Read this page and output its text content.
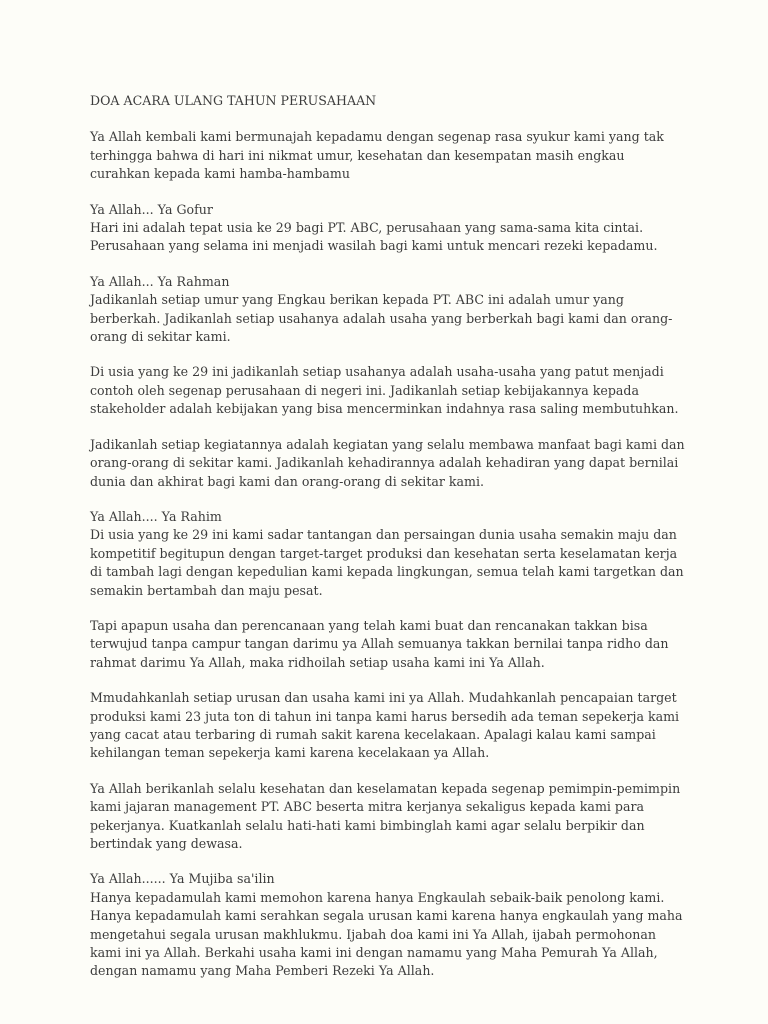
DOA ACARA ULANG TAHUN PERUSAHAAN
Ya Allah kembali kami bermunajah kepadamu dengan segenap rasa syukur kami yang tak terhingga bahwa di hari ini nikmat umur, kesehatan dan kesempatan masih engkau curahkan kepada kami hamba-hambamu
Ya Allah... Ya Gofur
Hari ini adalah tepat usia ke 29 bagi PT. ABC, perusahaan yang sama-sama kita cintai. Perusahaan yang selama ini menjadi wasilah bagi kami untuk mencari rezeki kepadamu.
Ya Allah... Ya Rahman
Jadikanlah setiap umur yang Engkau berikan kepada PT. ABC ini adalah umur yang berberkah. Jadikanlah setiap usahanya adalah usaha yang berberkah bagi kami dan orang-orang di sekitar kami.
Di usia yang ke 29 ini jadikanlah setiap usahanya adalah usaha-usaha yang patut menjadi contoh oleh segenap perusahaan di negeri ini. Jadikanlah setiap kebijakannya kepada stakeholder adalah kebijakan yang bisa mencerminkan indahnya rasa saling membutuhkan.
Jadikanlah setiap kegiatannya adalah kegiatan yang selalu membawa manfaat bagi kami dan orang-orang di sekitar kami. Jadikanlah kehadirannya adalah kehadiran yang dapat bernilai dunia dan akhirat bagi kami dan orang-orang di sekitar kami.
Ya Allah.... Ya Rahim
Di usia yang ke 29 ini kami sadar tantangan dan persaingan dunia usaha semakin maju dan kompetitif begitupun dengan target-target produksi dan kesehatan serta keselamatan kerja di tambah lagi dengan kepedulian kami kepada lingkungan, semua telah kami targetkan dan semakin bertambah dan maju pesat.
Tapi apapun usaha dan perencanaan yang telah kami buat dan rencanakan takkan bisa terwujud tanpa campur tangan darimu ya Allah semuanya takkan bernilai tanpa ridho dan rahmat darimu Ya Allah, maka ridhoilah setiap usaha kami ini Ya Allah.
Mmudahkanlah setiap urusan dan usaha kami ini ya Allah. Mudahkanlah pencapaian target produksi kami 23 juta ton di tahun ini tanpa kami harus bersedih ada teman sepekerja kami yang cacat atau terbaring di rumah sakit karena kecelakaan. Apalagi kalau kami sampai kehilangan teman sepekerja kami karena kecelakaan ya Allah.
Ya Allah berikanlah selalu kesehatan dan keselamatan kepada segenap pemimpin-pemimpin kami jajaran management PT. ABC beserta mitra kerjanya sekaligus kepada kami para pekerjanya. Kuatkanlah selalu hati-hati kami bimbinglah kami agar selalu berpikir dan bertindak yang dewasa.
Ya Allah...... Ya Mujiba sa'ilin
Hanya kepadamulah kami memohon karena hanya Engkaulah sebaik-baik penolong kami. Hanya kepadamulah kami serahkan segala urusan kami karena hanya engkaulah yang maha mengetahui segala urusan makhlukmu. Ijabah doa kami ini Ya Allah, ijabah permohonan kami ini ya Allah. Berkahi usaha kami ini dengan namamu yang Maha Pemurah Ya Allah, dengan namamu yang Maha Pemberi Rezeki Ya Allah.
